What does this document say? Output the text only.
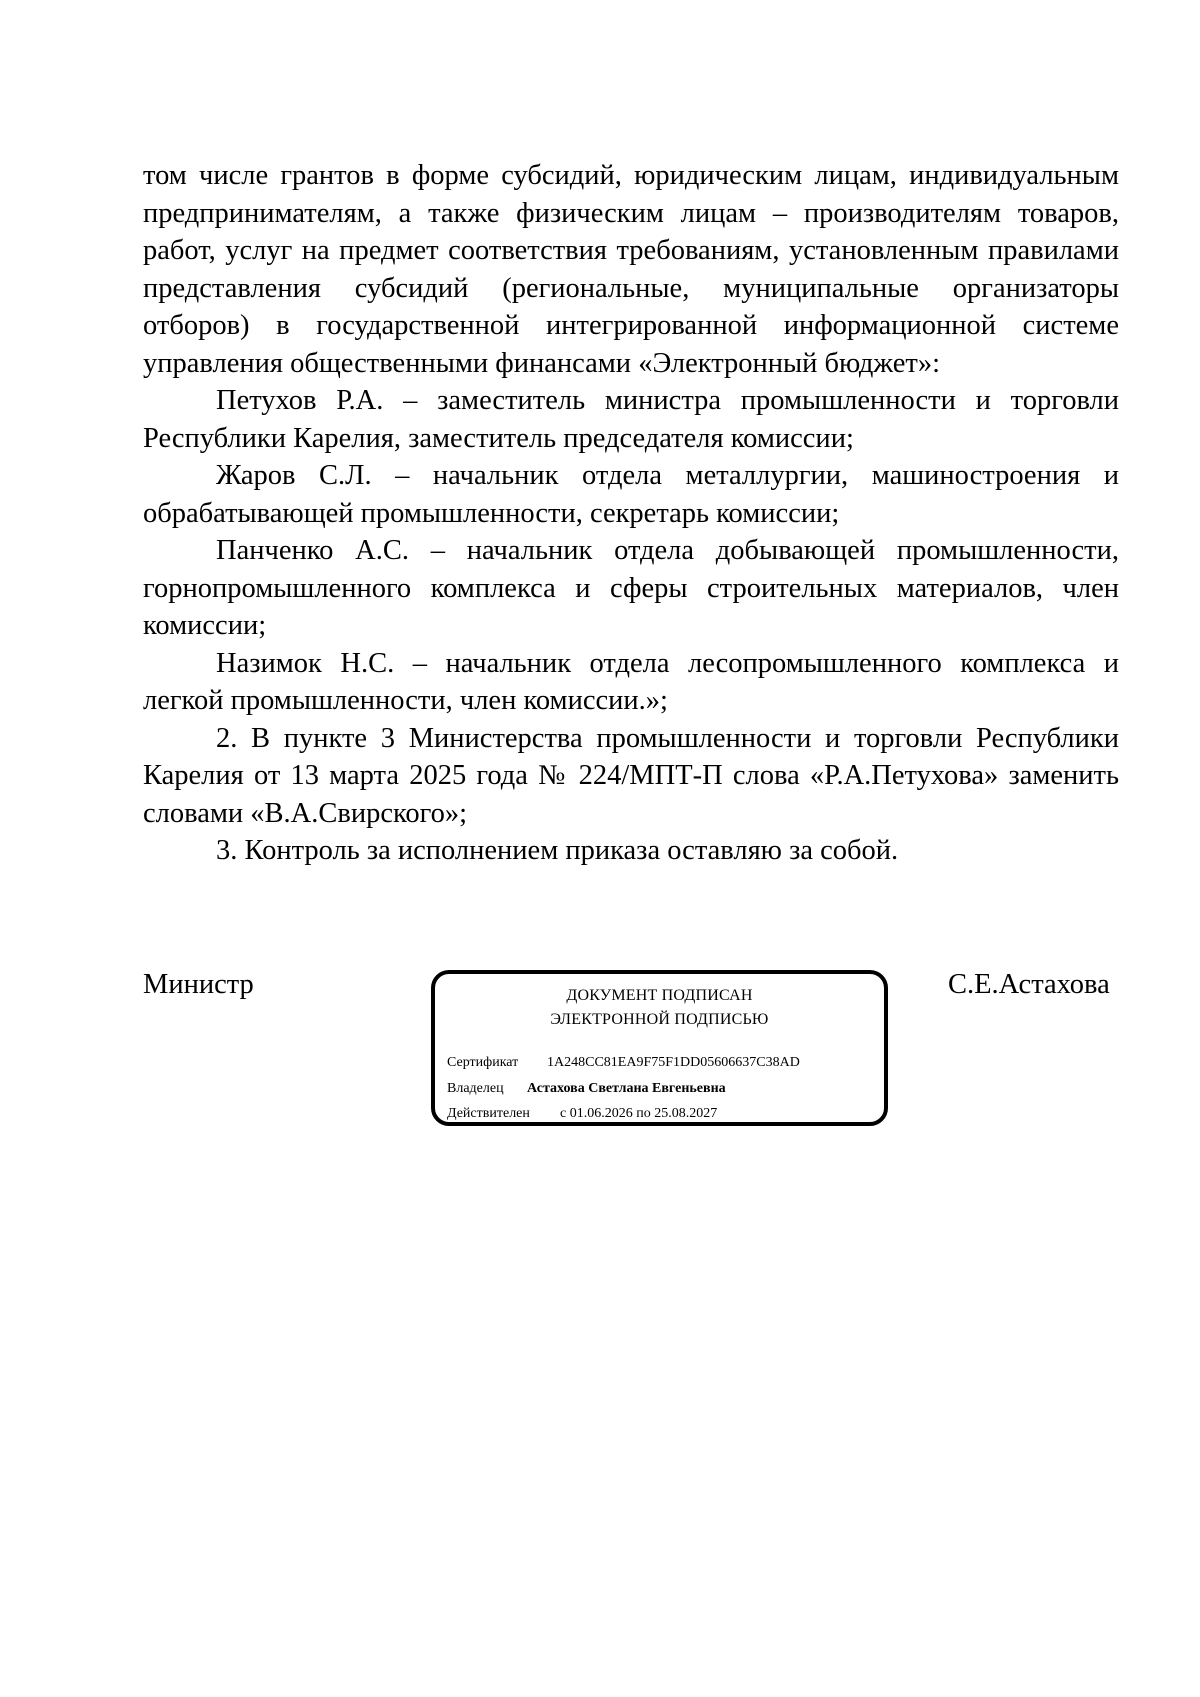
том числе грантов в форме субсидий, юридическим лицам, индивидуальным предпринимателям, а также физическим лицам – производителям товаров, работ, услуг на предмет соответствия требованиям, установленным правилами представления субсидий (региональные, муниципальные организаторы отборов) в государственной интегрированной информационной системе управления общественными финансами «Электронный бюджет»:

Петухов Р.А. – заместитель министра промышленности и торговли Республики Карелия, заместитель председателя комиссии;

Жаров С.Л. – начальник отдела металлургии, машиностроения и обрабатывающей промышленности, секретарь комиссии;

Панченко А.С. – начальник отдела добывающей промышленности, горнопромышленного комплекса и сферы строительных материалов, член комиссии;

Назимок Н.С. – начальник отдела лесопромышленного комплекса и легкой промышленности, член комиссии.»;

2. В пункте 3 Министерства промышленности и торговли Республики Карелия от 13 марта 2025 года № 224/МПТ-П слова «Р.А.Петухова» заменить словами «В.А.Свирского»;

3. Контроль за исполнением приказа оставляю за собой.

Министр	ДОКУМЕНТ ПОДПИСАН
ЭЛЕКТРОННОЙ ПОДПИСЬЮ
Сертификат 1A248CC81EA9F75F1DD05606637C38AD
Владелец Астахова Светлана Евгеньевна
Действителен с 01.06.2026 по 25.08.2027
С.Е.Астахова
